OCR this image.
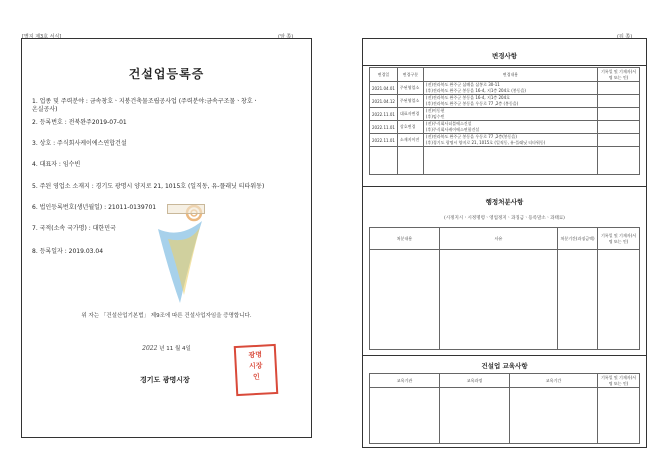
[별지 제3호 서식]	(앞 쪽)
건설업등록증
1. 업종 및 주력분야 : 금속창호ㆍ지붕건축물조립공사업 (주력분야:금속구조물ㆍ창호ㆍ
온실공사)
2. 등록번호 : 전북완주2019-07-01
3. 상호 : 주식회사케이에스연합건설
4. 대표자 : 임수빈
5. 주된 영업소 소재지 : 경기도 광명시 양지로 21, 1015호 (일직동, 유-플래닛 티타워동)
6. 법인등록번호(생년월일) : 21011-0139701
7. 국적(소속 국가명) : 대한민국
8. 등록일자 : 2019.03.04
위 자는 「건설산업기본법」 제9조에 따른 건설사업자임을 증명합니다.
2022 년 11 월 4일
경기도 광명시장
광명
시장
인
(뒤 쪽)
변경사항
변경일	변경구분	변경내용	기록일 및 기재자(서명 또는 인)
2021.04.01	주된영업소	(전)전라북도 완주군 삼례읍 삼봉로 30-11
(후)전라북도 완주군 봉동읍 16-4, 지1층 204호 (봉동읍)	

2021.04.12	주된영업소	(전)전라북도 완주군 봉동읍 16-4, 지1층 204호
(후)전라북도 완주군 봉동읍 우동로 77 ,2층 (봉동읍)	

2022.11.01	대표자변경	(전)이동현
(후)임수빈	

2022.11.01	상호변경	(전)주식회사더블에스건설
(후)주식회사케이에스연합건설	

2022.11.01	소재지이전	(전)전라북도 완주군 봉동읍 우동로 77 ,2층(봉동읍)
(후)경기도 광명시 양지로 21, 1015호 (일직동, 유-플래닛 티타워동)	

행정처분사항
(시정지시ㆍ시정명령ㆍ영업정지ㆍ과징금ㆍ등록말소ㆍ과태료)
처분내용	사유	처분기간(과징금액)	기록일 및 기재자(서명 또는 인)

건설업 교육사항
교육기관	교육과정	교육기간	기록일 및 기재자(서명 또는 인)
